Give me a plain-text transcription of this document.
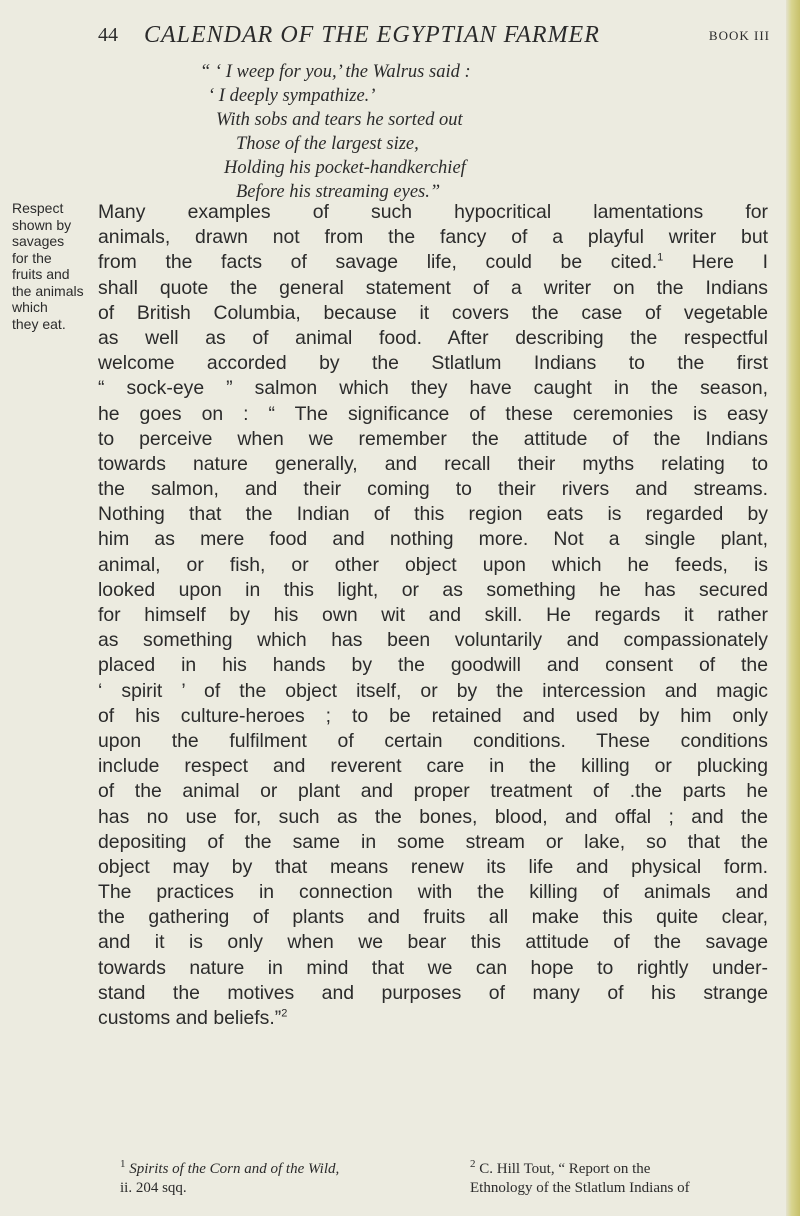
44 CALENDAR OF THE EGYPTIAN FARMER	BOOK III
“ ‘ I weep for you,’ the Walrus said :
‘ I deeply sympathize.’
With sobs and tears he sorted out
Those of the largest size,
Holding his pocket-handkerchief
Before his streaming eyes.”
Respect
shown by
savages
for the
fruits and
the animals
which
they eat.
Many examples of such hypocritical lamentations for
animals, drawn not from the fancy of a playful writer but
from the facts of savage life, could be cited.$^1$ Here I
shall quote the general statement of a writer on the Indians
of British Columbia, because it covers the case of vegetable
as well as of animal food. After describing the respectful
welcome accorded by the Stlatlum Indians to the first
“ sock-eye ” salmon which they have caught in the season,
he goes on : “ The significance of these ceremonies is easy
to perceive when we remember the attitude of the Indians
towards nature generally, and recall their myths relating to
the salmon, and their coming to their rivers and streams.
Nothing that the Indian of this region eats is regarded by
him as mere food and nothing more. Not a single plant,
animal, or fish, or other object upon which he feeds, is
looked upon in this light, or as something he has secured
for himself by his own wit and skill. He regards it rather
as something which has been voluntarily and compassionately
placed in his hands by the goodwill and consent of the
‘ spirit ’ of the object itself, or by the intercession and magic
of his culture-heroes ; to be retained and used by him only
upon the fulfilment of certain conditions. These conditions
include respect and reverent care in the killing or plucking
of the animal or plant and proper treatment of .the parts he
has no use for, such as the bones, blood, and offal ; and the
depositing of the same in some stream or lake, so that the
object may by that means renew its life and physical form.
The practices in connection with the killing of animals and
the gathering of plants and fruits all make this quite clear,
and it is only when we bear this attitude of the savage
towards nature in mind that we can hope to rightly under-
stand the motives and purposes of many of his strange
customs and beliefs.”$^2$
$^1$ Spirits of the Corn and of the Wild,
ii. 204 sqq.
$^2$ C. Hill Tout, “ Report on the
Ethnology of the Stlatlum Indians of
